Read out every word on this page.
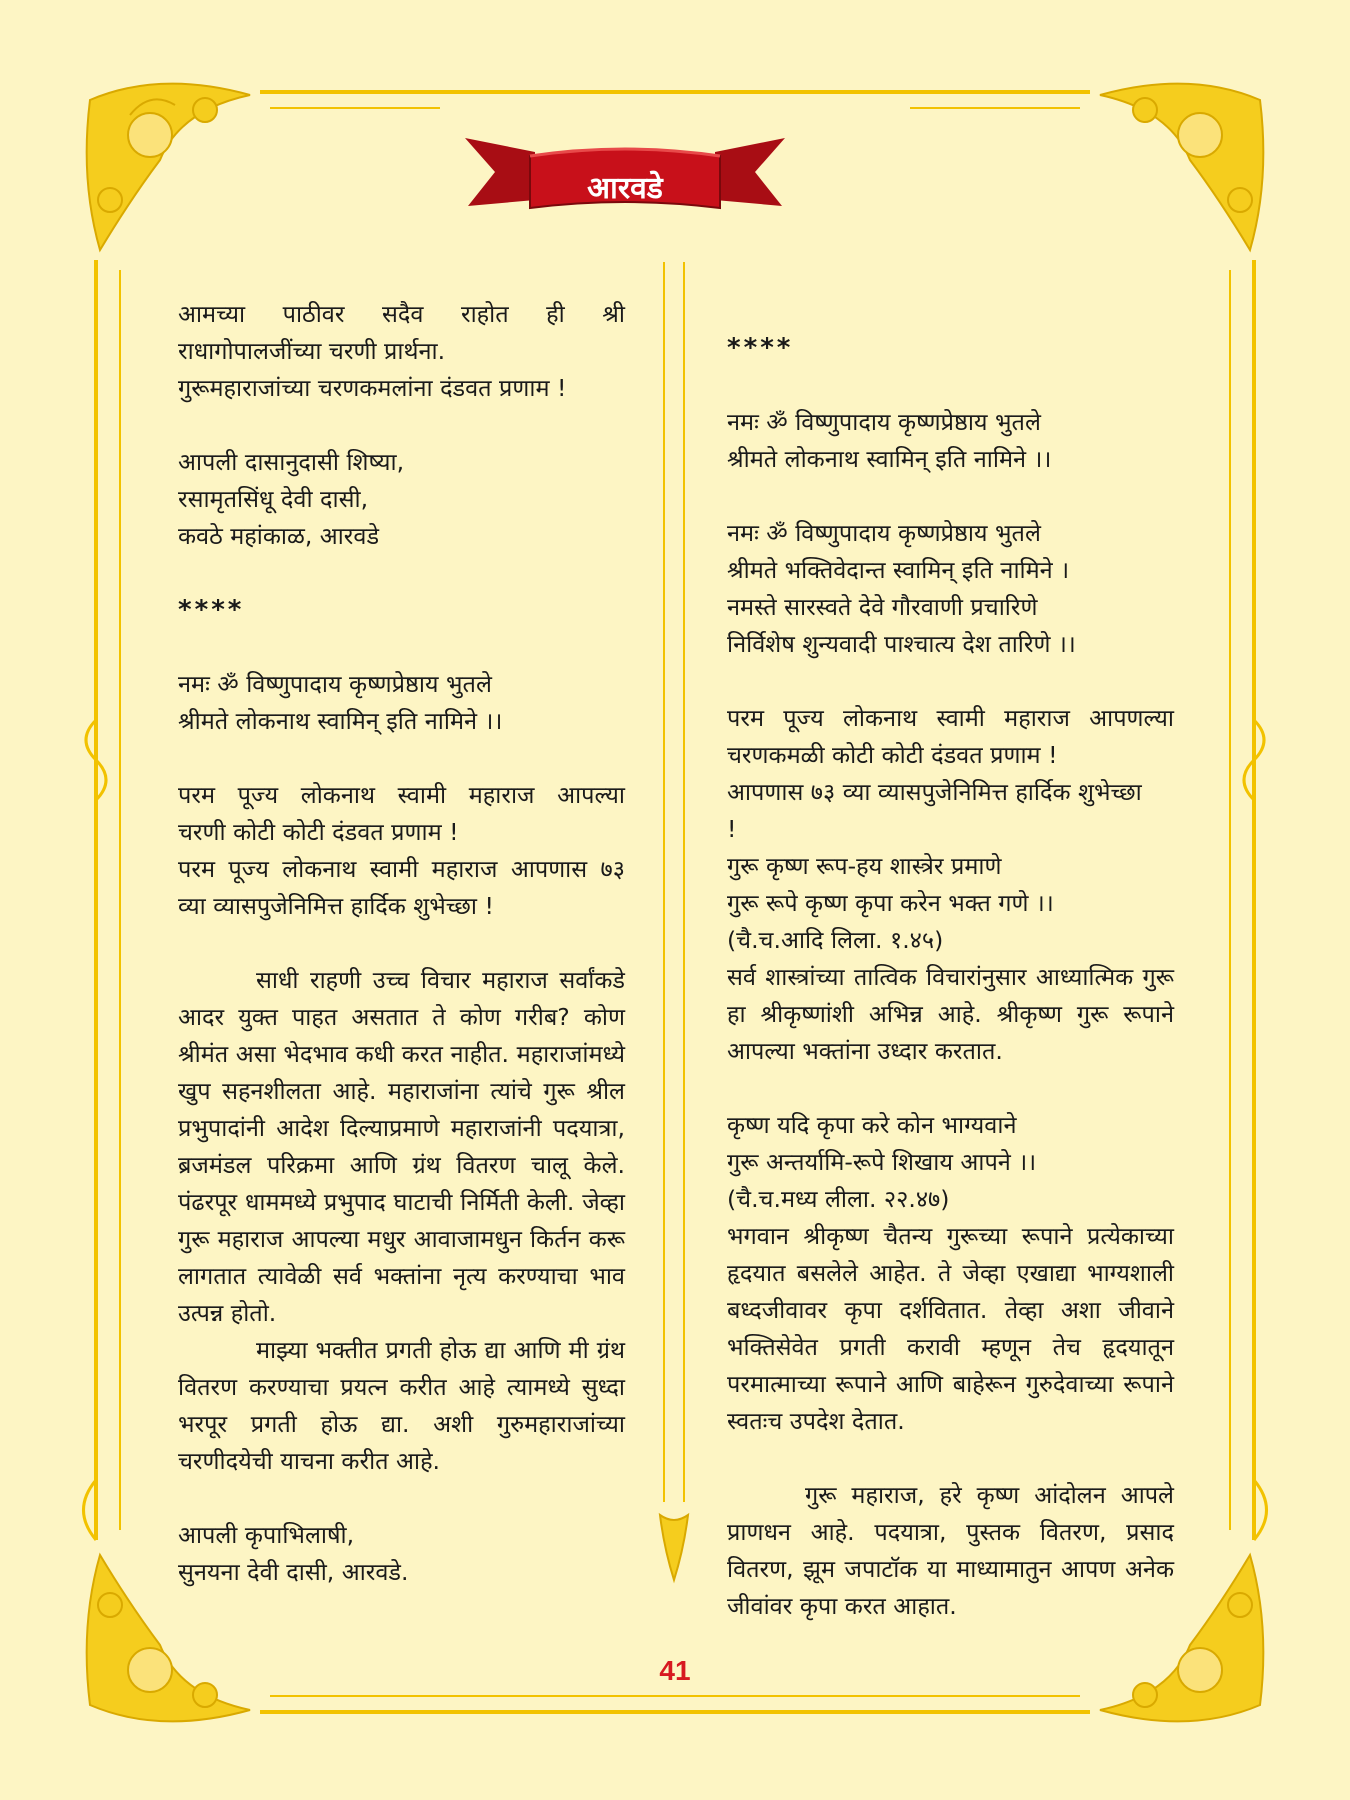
आरवडे

आमच्या पाठीवर सदैव राहोत ही श्री

राधागोपालजींच्या चरणी प्रार्थना.

गुरूमहाराजांच्या चरणकमलांना दंडवत प्रणाम !

आपली दासानुदासी शिष्या,

रसामृतसिंधू देवी दासी,

कवठे महांकाळ, आरवडे

****

नमः ॐ विष्णुपादाय कृष्णप्रेष्ठाय भुतले

श्रीमते लोकनाथ स्वामिन् इति नामिने ।।

परम पूज्य लोकनाथ स्वामी महाराज आपल्या

चरणी कोटी कोटी दंडवत प्रणाम !

परम पूज्य लोकनाथ स्वामी महाराज आपणास ७३

व्या व्यासपुजेनिमित्त हार्दिक शुभेच्छा !

साधी राहणी उच्च विचार महाराज सर्वांकडे आदर युक्त पाहत असतात ते कोण गरीब? कोण श्रीमंत असा भेदभाव कधी करत नाहीत. महाराजांमध्ये खुप सहनशीलता आहे. महाराजांना त्यांचे गुरू श्रील प्रभुपादांनी आदेश दिल्याप्रमाणे महाराजांनी पदयात्रा, ब्रजमंडल परिक्रमा आणि ग्रंथ वितरण चालू केले. पंढरपूर धाममध्ये प्रभुपाद घाटाची निर्मिती केली. जेव्हा गुरू महाराज आपल्या मधुर आवाजामधुन किर्तन करू लागतात त्यावेळी सर्व भक्तांना नृत्य करण्याचा भाव उत्पन्न होतो.

माझ्या भक्तीत प्रगती होऊ द्या आणि मी ग्रंथ वितरण करण्याचा प्रयत्न करीत आहे त्यामध्ये सुध्दा भरपूर प्रगती होऊ द्या. अशी गुरुमहाराजांच्या चरणीदयेची याचना करीत आहे.

आपली कृपाभिलाषी,

सुनयना देवी दासी, आरवडे.

****

नमः ॐ विष्णुपादाय कृष्णप्रेष्ठाय भुतले

श्रीमते लोकनाथ स्वामिन् इति नामिने ।।

नमः ॐ विष्णुपादाय कृष्णप्रेष्ठाय भुतले

श्रीमते भक्तिवेदान्त स्वामिन् इति नामिने ।

नमस्ते सारस्वते देवे गौरवाणी प्रचारिणे

निर्विशेष शुन्यवादी पाश्चात्य देश तारिणे ।।

परम पूज्य लोकनाथ स्वामी महाराज आपणल्या

चरणकमळी कोटी कोटी दंडवत प्रणाम !

आपणास ७३ व्या व्यासपुजेनिमित्त हार्दिक शुभेच्छा

!

गुरू कृष्ण रूप-हय शास्त्रेर प्रमाणे

गुरू रूपे कृष्ण कृपा करेन भक्त गणे ।।

(चै.च.आदि लिला. १.४५)

सर्व शास्त्रांच्या तात्विक विचारांनुसार आध्यात्मिक गुरू हा श्रीकृष्णांशी अभिन्न आहे. श्रीकृष्ण गुरू रूपाने आपल्या भक्तांना उध्दार करतात.

कृष्ण यदि कृपा करे कोन भाग्यवाने

गुरू अन्तर्यामि-रूपे शिखाय आपने ।।

(चै.च.मध्य लीला. २२.४७)

भगवान श्रीकृष्ण चैतन्य गुरूच्या रूपाने प्रत्येकाच्या हृदयात बसलेले आहेत. ते जेव्हा एखाद्या भाग्यशाली बध्दजीवावर कृपा दर्शवितात. तेव्हा अशा जीवाने भक्तिसेवेत प्रगती करावी म्हणून तेच हृदयातून परमात्माच्या रूपाने आणि बाहेरून गुरुदेवाच्या रूपाने स्वतःच उपदेश देतात.

गुरू महाराज, हरे कृष्ण आंदोलन आपले प्राणधन आहे. पदयात्रा, पुस्तक वितरण, प्रसाद वितरण, झूम जपाटॉक या माध्यामातुन आपण अनेक जीवांवर कृपा करत आहात.

41
